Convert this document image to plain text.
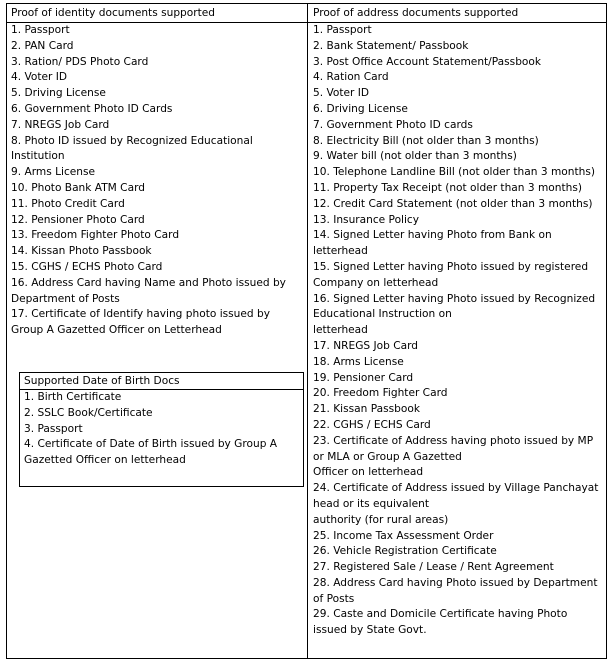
Proof of identity documents supported	Proof of address documents supported
1. Passport
2. PAN Card
3. Ration/ PDS Photo Card
4. Voter ID
5. Driving License
6. Government Photo ID Cards
7. NREGS Job Card
8. Photo ID issued by Recognized Educational
Institution
9. Arms License
10. Photo Bank ATM Card
11. Photo Credit Card
12. Pensioner Photo Card
13. Freedom Fighter Photo Card
14. Kissan Photo Passbook
15. CGHS / ECHS Photo Card
16. Address Card having Name and Photo issued by
Department of Posts
17. Certificate of Identify having photo issued by
Group A Gazetted Officer on Letterhead
Supported Date of Birth Docs
1. Birth Certificate
2. SSLC Book/Certificate
3. Passport
4. Certificate of Date of Birth issued by Group A
Gazetted Officer on letterhead
1. Passport
2. Bank Statement/ Passbook
3. Post Office Account Statement/Passbook
4. Ration Card
5. Voter ID
6. Driving License
7. Government Photo ID cards
8. Electricity Bill (not older than 3 months)
9. Water bill (not older than 3 months)
10. Telephone Landline Bill (not older than 3 months)
11. Property Tax Receipt (not older than 3 months)
12. Credit Card Statement (not older than 3 months)
13. Insurance Policy
14. Signed Letter having Photo from Bank on
letterhead
15. Signed Letter having Photo issued by registered
Company on letterhead
16. Signed Letter having Photo issued by Recognized
Educational Instruction on
letterhead
17. NREGS Job Card
18. Arms License
19. Pensioner Card
20. Freedom Fighter Card
21. Kissan Passbook
22. CGHS / ECHS Card
23. Certificate of Address having photo issued by MP
or MLA or Group A Gazetted
Officer on letterhead
24. Certificate of Address issued by Village Panchayat
head or its equivalent
authority (for rural areas)
25. Income Tax Assessment Order
26. Vehicle Registration Certificate
27. Registered Sale / Lease / Rent Agreement
28. Address Card having Photo issued by Department
of Posts
29. Caste and Domicile Certificate having Photo
issued by State Govt.
